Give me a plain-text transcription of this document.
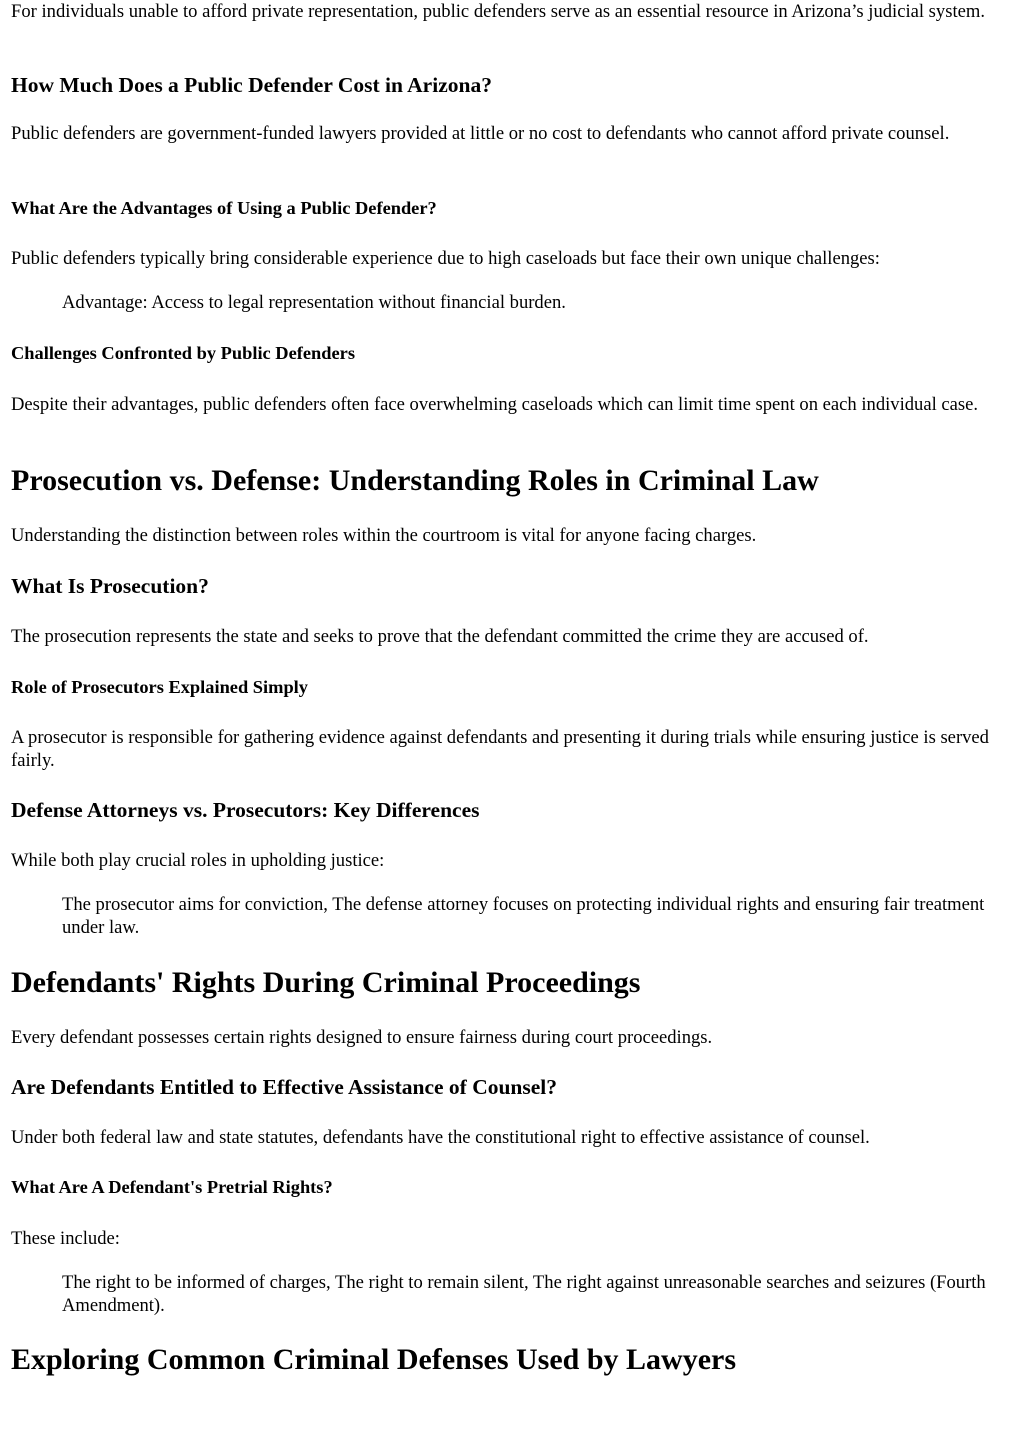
For individuals unable to afford private representation, public defenders serve as an essential resource in Arizona’s judicial system.

How Much Does a Public Defender Cost in Arizona?

Public defenders are government-funded lawyers provided at little or no cost to defendants who cannot afford private counsel.

What Are the Advantages of Using a Public Defender?

Public defenders typically bring considerable experience due to high caseloads but face their own unique challenges:

Advantage: Access to legal representation without financial burden.
Challenges Confronted by Public Defenders

Despite their advantages, public defenders often face overwhelming caseloads which can limit time spent on each individual case.

Prosecution vs. Defense: Understanding Roles in Criminal Law

Understanding the distinction between roles within the courtroom is vital for anyone facing charges.

What Is Prosecution?

The prosecution represents the state and seeks to prove that the defendant committed the crime they are accused of.

Role of Prosecutors Explained Simply

A prosecutor is responsible for gathering evidence against defendants and presenting it during trials while ensuring justice is served fairly.

Defense Attorneys vs. Prosecutors: Key Differences

While both play crucial roles in upholding justice:

The prosecutor aims for conviction, The defense attorney focuses on protecting individual rights and ensuring fair treatment under law.
Defendants' Rights During Criminal Proceedings

Every defendant possesses certain rights designed to ensure fairness during court proceedings.

Are Defendants Entitled to Effective Assistance of Counsel?

Under both federal law and state statutes, defendants have the constitutional right to effective assistance of counsel.

What Are A Defendant's Pretrial Rights?

These include:

The right to be informed of charges, The right to remain silent, The right against unreasonable searches and seizures (Fourth Amendment).
Exploring Common Criminal Defenses Used by Lawyers
